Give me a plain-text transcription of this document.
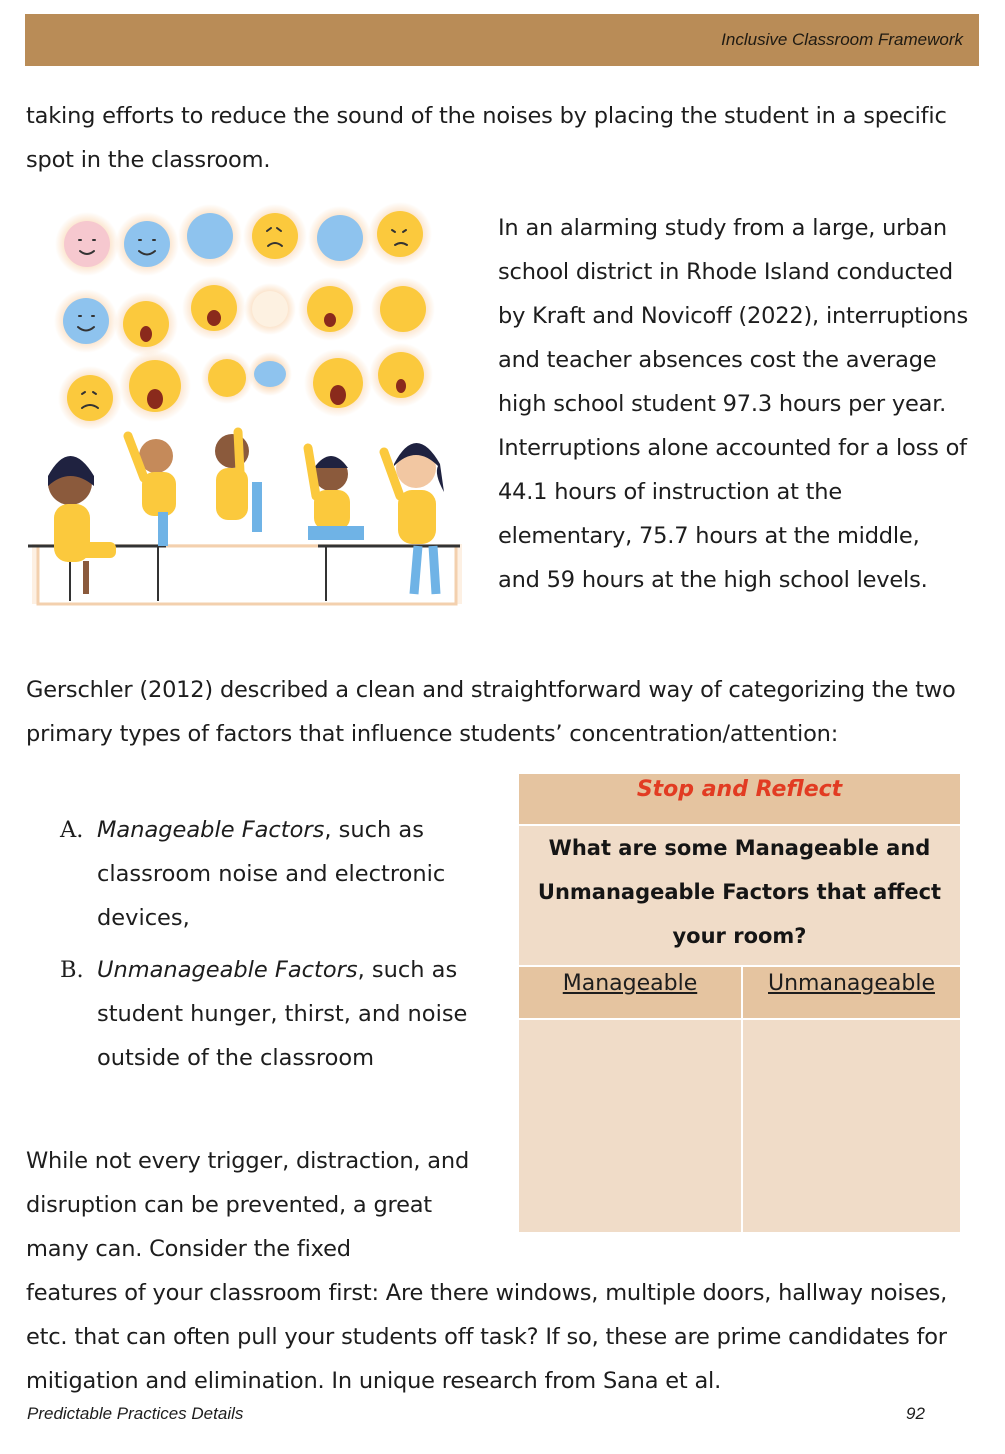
Inclusive Classroom Framework

taking efforts to reduce the sound of the noises by placing the student in a specific spot in the classroom.

In an alarming study from a large, urban school district in Rhode Island conducted by Kraft and Novicoff (2022), interruptions and teacher absences cost the average high school student 97.3 hours per year. Interruptions alone accounted for a loss of 44.1 hours of instruction at the elementary, 75.7 hours at the middle, and 59 hours at the high school levels.

Gerschler (2012) described a clean and straightforward way of categorizing the two primary types of factors that influence students’ concentration/attention:

A. Manageable Factors, such as classroom noise and electronic devices,
B. Unmanageable Factors, such as student hunger, thirst, and noise outside of the classroom

While not every trigger, distraction, and disruption can be prevented, a great many can. Consider the fixed

features of your classroom first: Are there windows, multiple doors, hallway noises, etc. that can often pull your students off task? If so, these are prime candidates for mitigation and elimination. In unique research from Sana et al.

Stop and Reflect
What are some Manageable and Unmanageable Factors that affect your room?
Manageable	Unmanageable
Predictable Practices Details	92
